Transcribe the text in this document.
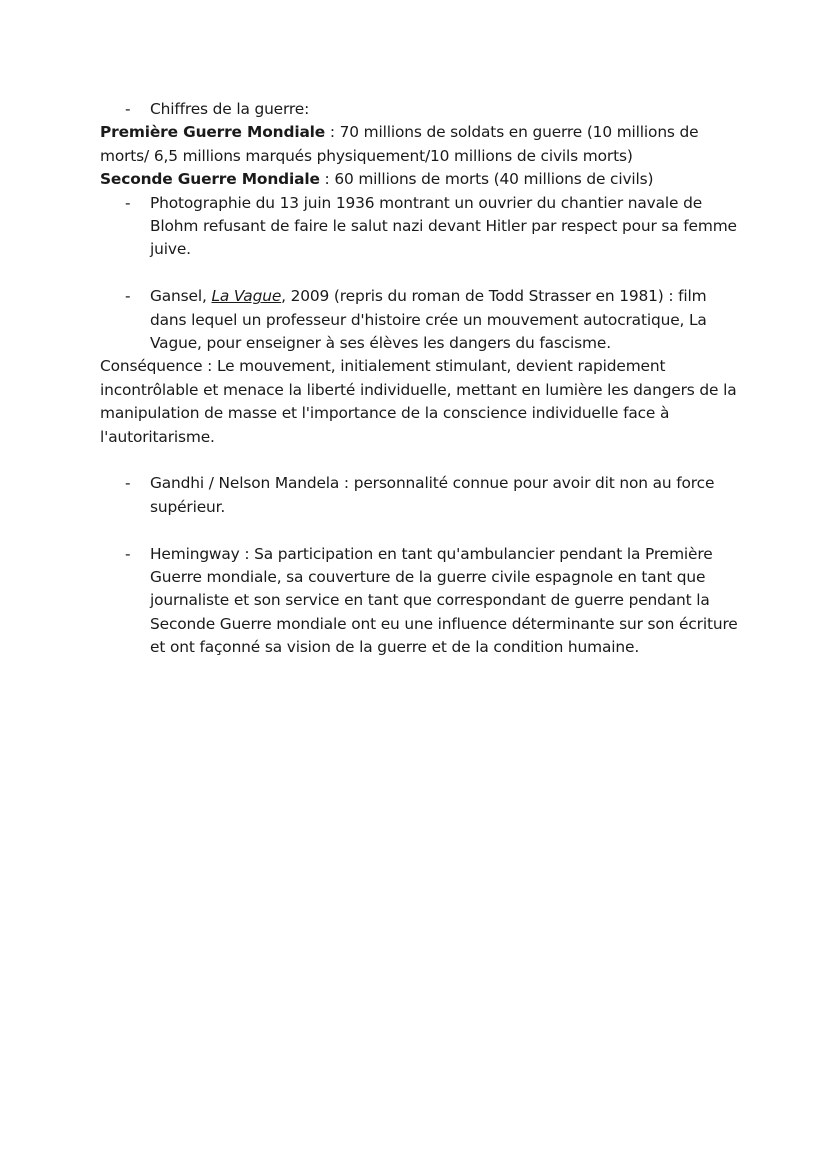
- Chiffres de la guerre:

Première Guerre Mondiale : 70 millions de soldats en guerre (10 millions de morts/ 6,5 millions marqués physiquement/10 millions de civils morts)

Seconde Guerre Mondiale : 60 millions de morts (40 millions de civils)

- Photographie du 13 juin 1936 montrant un ouvrier du chantier navale de Blohm refusant de faire le salut nazi devant Hitler par respect pour sa femme juive.
- Gansel, La Vague, 2009 (repris du roman de Todd Strasser en 1981) : film dans lequel un professeur d'histoire crée un mouvement autocratique, La Vague, pour enseigner à ses élèves les dangers du fascisme.

Conséquence : Le mouvement, initialement stimulant, devient rapidement incontrôlable et menace la liberté individuelle, mettant en lumière les dangers de la manipulation de masse et l'importance de la conscience individuelle face à l'autoritarisme.

- Gandhi / Nelson Mandela : personnalité connue pour avoir dit non au force supérieur.
- Hemingway : Sa participation en tant qu'ambulancier pendant la Première Guerre mondiale, sa couverture de la guerre civile espagnole en tant que journaliste et son service en tant que correspondant de guerre pendant la Seconde Guerre mondiale ont eu une influence déterminante sur son écriture et ont façonné sa vision de la guerre et de la condition humaine.
